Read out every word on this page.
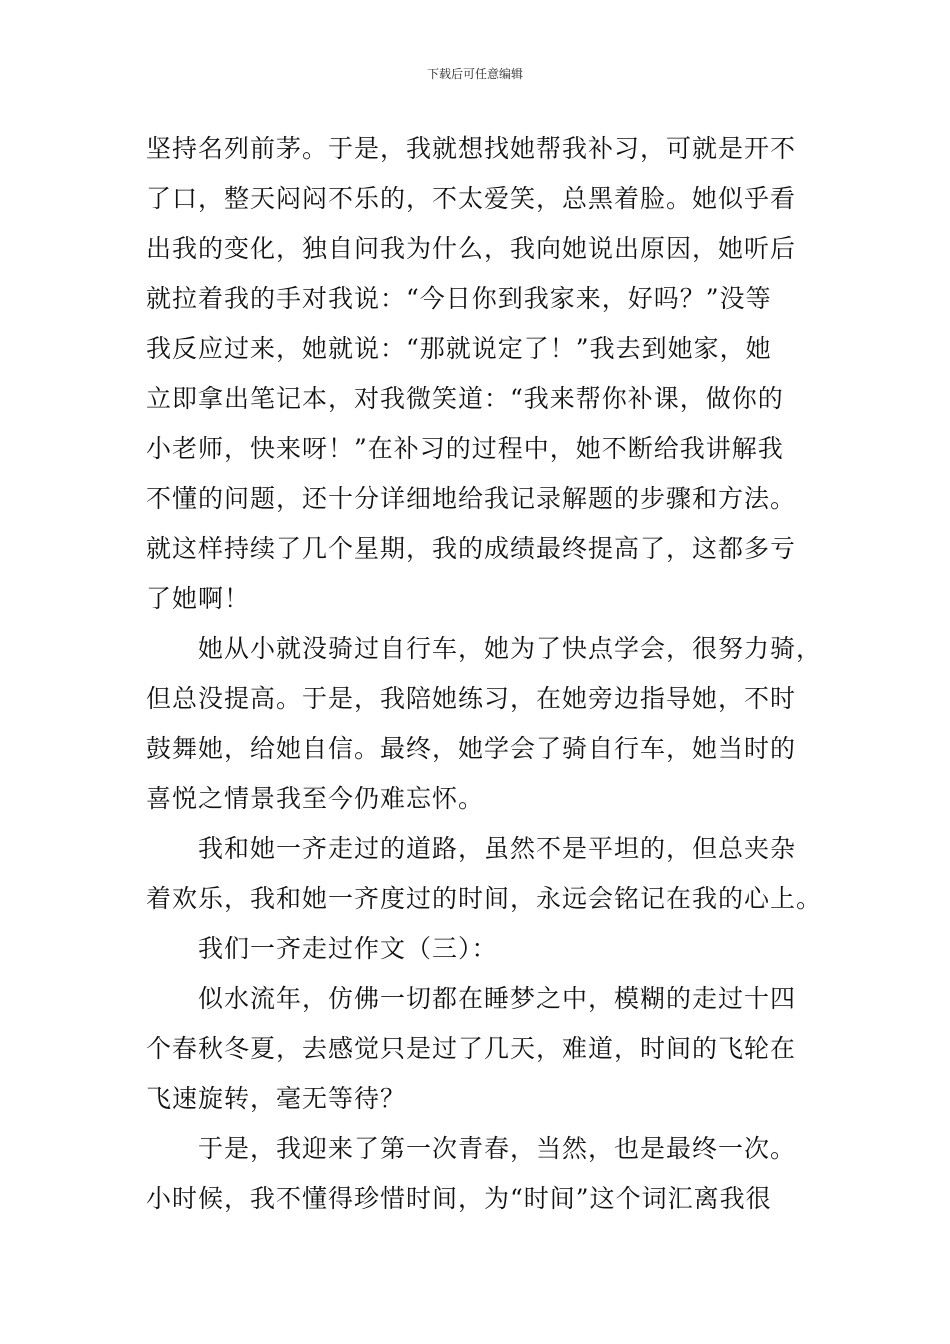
下载后可任意编辑
坚持名列前茅。于是，我就想找她帮我补习，可就是开不
了口，整天闷闷不乐的，不太爱笑，总黑着脸。她似乎看
出我的变化，独自问我为什么，我向她说出原因，她听后
就拉着我的手对我说：“今日你到我家来，好吗？”没等
我反应过来，她就说：“那就说定了！”我去到她家，她
立即拿出笔记本，对我微笑道：“我来帮你补课，做你的
小老师，快来呀！”在补习的过程中，她不断给我讲解我
不懂的问题，还十分详细地给我记录解题的步骤和方法。
就这样持续了几个星期，我的成绩最终提高了，这都多亏
了她啊！
她从小就没骑过自行车，她为了快点学会，很努力骑，
但总没提高。于是，我陪她练习，在她旁边指导她，不时
鼓舞她，给她自信。最终，她学会了骑自行车，她当时的
喜悦之情景我至今仍难忘怀。
我和她一齐走过的道路，虽然不是平坦的，但总夹杂
着欢乐，我和她一齐度过的时间，永远会铭记在我的心上。
我们一齐走过作文（三）：
似水流年，仿佛一切都在睡梦之中，模糊的走过十四
个春秋冬夏，去感觉只是过了几天，难道，时间的飞轮在
飞速旋转，毫无等待？
于是，我迎来了第一次青春，当然，也是最终一次。
小时候，我不懂得珍惜时间，为“时间”这个词汇离我很
